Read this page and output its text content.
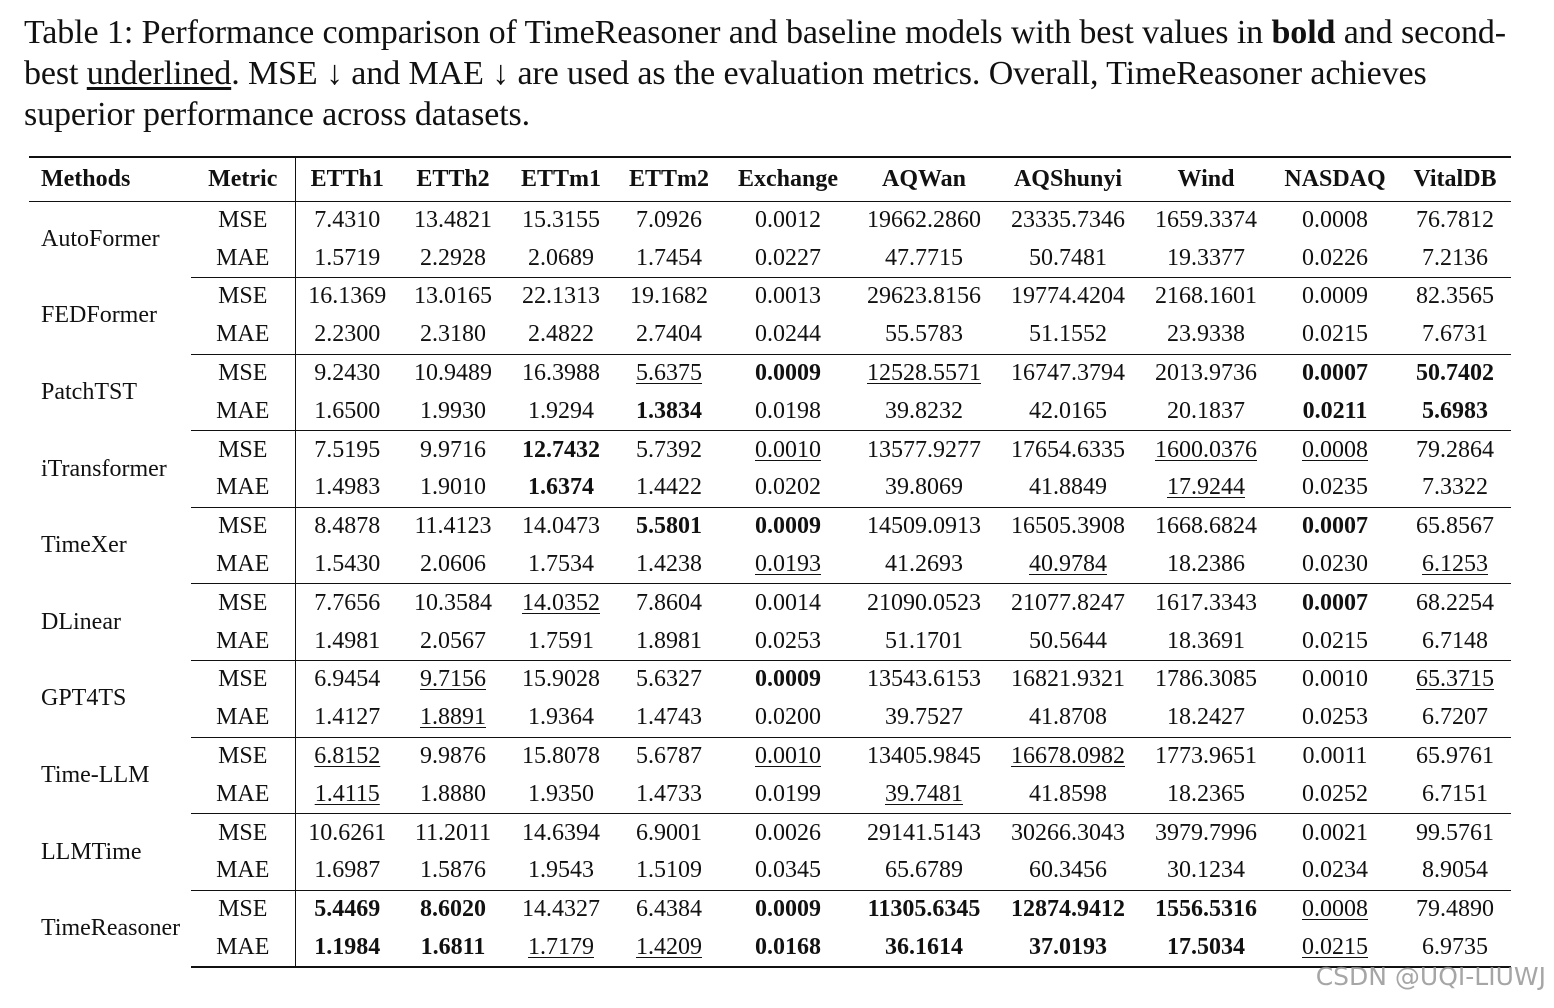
Table 1: Performance comparison of TimeReasoner and baseline models with best values in bold and second-best underlined. MSE ↓ and MAE ↓ are used as the evaluation metrics. Overall, TimeReasoner achieves superior performance across datasets.
Methods	Metric	ETTh1	ETTh2	ETTm1	ETTm2	Exchange	AQWan	AQShunyi	Wind	NASDAQ	VitalDB
AutoFormer	MSE	7.4310	13.4821	15.3155	7.0926	0.0012	19662.2860	23335.7346	1659.3374	0.0008	76.7812
	MAE	1.5719	2.2928	2.0689	1.7454	0.0227	47.7715	50.7481	19.3377	0.0226	7.2136
FEDFormer	MSE	16.1369	13.0165	22.1313	19.1682	0.0013	29623.8156	19774.4204	2168.1601	0.0009	82.3565
	MAE	2.2300	2.3180	2.4822	2.7404	0.0244	55.5783	51.1552	23.9338	0.0215	7.6731
PatchTST	MSE	9.2430	10.9489	16.3988	5.6375	0.0009	12528.5571	16747.3794	2013.9736	0.0007	50.7402
	MAE	1.6500	1.9930	1.9294	1.3834	0.0198	39.8232	42.0165	20.1837	0.0211	5.6983
iTransformer	MSE	7.5195	9.9716	12.7432	5.7392	0.0010	13577.9277	17654.6335	1600.0376	0.0008	79.2864
	MAE	1.4983	1.9010	1.6374	1.4422	0.0202	39.8069	41.8849	17.9244	0.0235	7.3322
TimeXer	MSE	8.4878	11.4123	14.0473	5.5801	0.0009	14509.0913	16505.3908	1668.6824	0.0007	65.8567
	MAE	1.5430	2.0606	1.7534	1.4238	0.0193	41.2693	40.9784	18.2386	0.0230	6.1253
DLinear	MSE	7.7656	10.3584	14.0352	7.8604	0.0014	21090.0523	21077.8247	1617.3343	0.0007	68.2254
	MAE	1.4981	2.0567	1.7591	1.8981	0.0253	51.1701	50.5644	18.3691	0.0215	6.7148
GPT4TS	MSE	6.9454	9.7156	15.9028	5.6327	0.0009	13543.6153	16821.9321	1786.3085	0.0010	65.3715
	MAE	1.4127	1.8891	1.9364	1.4743	0.0200	39.7527	41.8708	18.2427	0.0253	6.7207
Time-LLM	MSE	6.8152	9.9876	15.8078	5.6787	0.0010	13405.9845	16678.0982	1773.9651	0.0011	65.9761
	MAE	1.4115	1.8880	1.9350	1.4733	0.0199	39.7481	41.8598	18.2365	0.0252	6.7151
LLMTime	MSE	10.6261	11.2011	14.6394	6.9001	0.0026	29141.5143	30266.3043	3979.7996	0.0021	99.5761
	MAE	1.6987	1.5876	1.9543	1.5109	0.0345	65.6789	60.3456	30.1234	0.0234	8.9054
TimeReasoner	MSE	5.4469	8.6020	14.4327	6.4384	0.0009	11305.6345	12874.9412	1556.5316	0.0008	79.4890
	MAE	1.1984	1.6811	1.7179	1.4209	0.0168	36.1614	37.0193	17.5034	0.0215	6.9735
CSDN @UQI-LIUWJ
